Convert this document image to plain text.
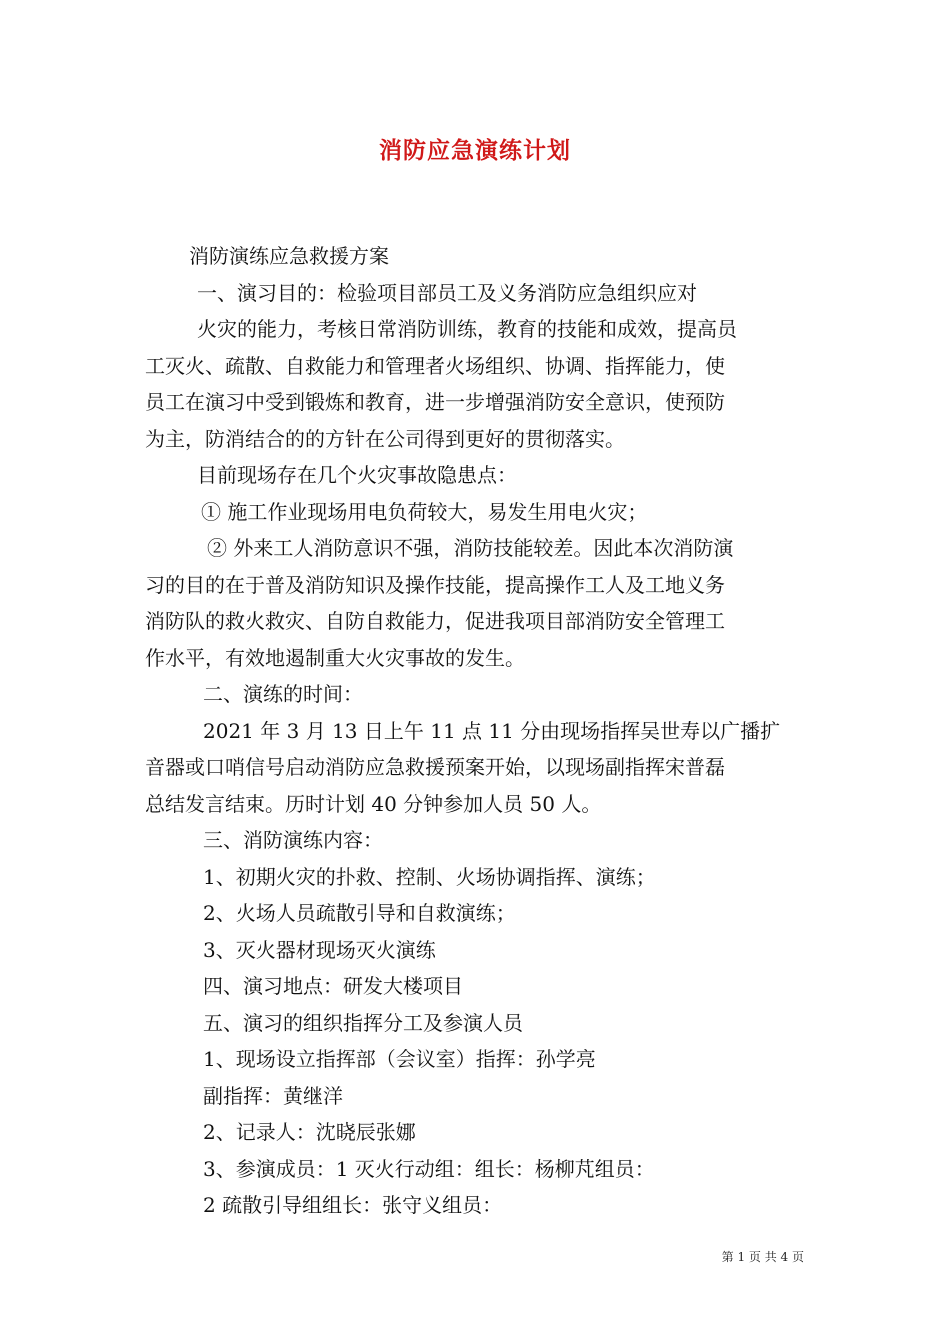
消防应急演练计划

消防演练应急救援方案

一、演习目的：检验项目部员工及义务消防应急组织应对

火灾的能力，考核日常消防训练，教育的技能和成效，提高员

工灭火、疏散、自救能力和管理者火场组织、协调、指挥能力，使

员工在演习中受到锻炼和教育，进一步增强消防安全意识，使预防

为主，防消结合的的方针在公司得到更好的贯彻落实。

目前现场存在几个火灾事故隐患点：

① 施工作业现场用电负荷较大，易发生用电火灾；

② 外来工人消防意识不强，消防技能较差。因此本次消防演

习的目的在于普及消防知识及操作技能，提高操作工人及工地义务

消防队的救火救灾、自防自救能力，促进我项目部消防安全管理工

作水平，有效地遏制重大火灾事故的发生。

二、演练的时间：

2021 年 3 月 13 日上午 11 点 11 分由现场指挥吴世寿以广播扩

音器或口哨信号启动消防应急救援预案开始，以现场副指挥宋普磊

总结发言结束。历时计划 40 分钟参加人员 50 人。

三、消防演练内容：

1、初期火灾的扑救、控制、火场协调指挥、演练；

2、火场人员疏散引导和自救演练；

3、灭火器材现场灭火演练

四、演习地点：研发大楼项目

五、演习的组织指挥分工及参演人员

1、现场设立指挥部（会议室）指挥：孙学亮

副指挥：黄继洋

2、记录人：沈晓辰张娜

3、参演成员：1 灭火行动组：组长：杨柳芃组员：

2 疏散引导组组长：张守义组员：

第 1 页 共 4 页
